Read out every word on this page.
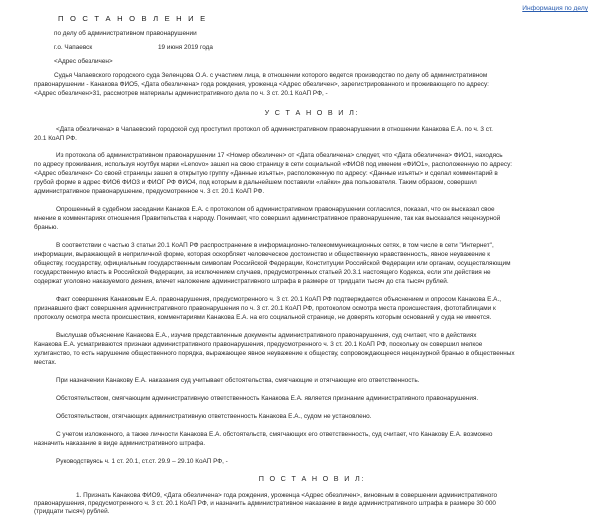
Информация по делу
П О С Т А Н О В Л Е Н И Е

по делу об административном правонарушении

г.о. Чапаевск	19 июня 2019 года

<Адрес обезличен>

Судья Чапаевского городского суда Зеленцова О.А. с участием лица, в отношении которого ведется производство по делу об административном

правонарушении - Канакова ФИО5, <Дата обезличена> года рождения, уроженца <Адрес обезличен>, зарегистрированного и проживающего по адресу:

<Адрес обезличен>31, рассмотрев материалы административного дела по ч. 3 ст. 20.1 КоАП РФ, -

У С Т А Н О В И Л:

<Дата обезличена> в Чапаевский городской суд проступил протокол об административном правонарушении в отношении Канакова Е.А. по ч. 3 ст.

20.1 КоАП РФ.

Из протокола об административном правонарушении 17 <Номер обезличен> от <Дата обезличена> следует, что <Дата обезличена> ФИО1, находясь

по адресу проживания, используя ноутбук марки «Lenovo» зашел на свою страницу в сети социальной «ФИО8 под именем «ФИО1», расположенную по адресу:

<Адрес обезличен> Со своей страницы зашел в открытую группу «Данные изъяты», расположенную по адресу: <Данные изъяты> и сделал комментарий в

грубой форме в адрес ФИО6 ФИО3 и ФИОГ РФ ФИО4, под которым в дальнейшем поставили «лайки» два пользователя. Таким образом, совершил

административное правонарушение, предусмотренное ч. 3 ст. 20.1 КоАП РФ.

Опрошенный в судебном заседании Канаков Е.А. с протоколом об административном правонарушении согласился, показал, что он высказал свое

мнение в комментариях отношения Правительства к народу. Понимает, что совершил административное правонарушение, так как высказался нецензурной

бранью.

В соответствии с частью 3 статьи 20.1 КоАП РФ распространение в информационно-телекоммуникационных сетях, в том числе в сети "Интернет",

информации, выражающей в неприличной форме, которая оскорбляет человеческое достоинство и общественную нравственность, явное неуважение к

обществу, государству, официальным государственным символам Российской Федерации, Конституции Российской Федерации или органам, осуществляющим

государственную власть в Российской Федерации, за исключением случаев, предусмотренных статьей 20.3.1 настоящего Кодекса, если эти действия не

содержат уголовно наказуемого деяния, влечет наложение административного штрафа в размере от тридцати тысяч до ста тысяч рублей.

Факт совершения Канаковым Е.А. правонарушения, предусмотренного ч. 3 ст. 20.1 КоАП РФ подтверждается объяснением и опросом Канакова Е.А.,

признавшего факт совершения административного правонарушения по ч. 3 ст. 20.1 КоАП РФ, протоколом осмотра места происшествия, фототаблицами к

протоколу осмотра места происшествия, комментариями Канакова Е.А. на его социальной странице, не доверять которым оснований у суда не имеется.

Выслушав объяснение Канакова Е.А., изучив представленные документы административного правонарушения, суд считает, что в действиях

Канакова Е.А. усматриваются признаки административного правонарушения, предусмотренного ч. 3 ст. 20.1 КоАП РФ, поскольку он совершил мелкое

хулиганство, то есть нарушение общественного порядка, выражающее явное неуважение к обществу, сопровождающееся нецензурной бранью в общественных

местах.

При назначении Канакову Е.А. наказания суд учитывает обстоятельства, смягчающие и отягчающие его ответственность.

Обстоятельством, смягчающим административную ответственность Канакова Е.А. является признание административного правонарушения.

Обстоятельством, отягчающих административную ответственность Канакова Е.А., судом не установлено.

С учетом изложенного, а также личности Канакова Е.А. обстоятельств, смягчающих его ответственность, суд считает, что Канакову Е.А. возможно

назначить наказание в виде административного штрафа.

Руководствуясь ч. 1 ст. 20.1, ст.ст. 29.9 – 29.10 КоАП РФ, -

П О С Т А Н О В И Л:

1. Признать Канакова ФИО9, <Дата обезличена> года рождения, уроженца <Адрес обезличен>, виновным в совершении административного

правонарушения, предусмотренного ч. 3 ст. 20.1 КоАП РФ, и назначить административное наказание в виде административного штрафа в размере 30 000

(тридцати тысяч) рублей.
